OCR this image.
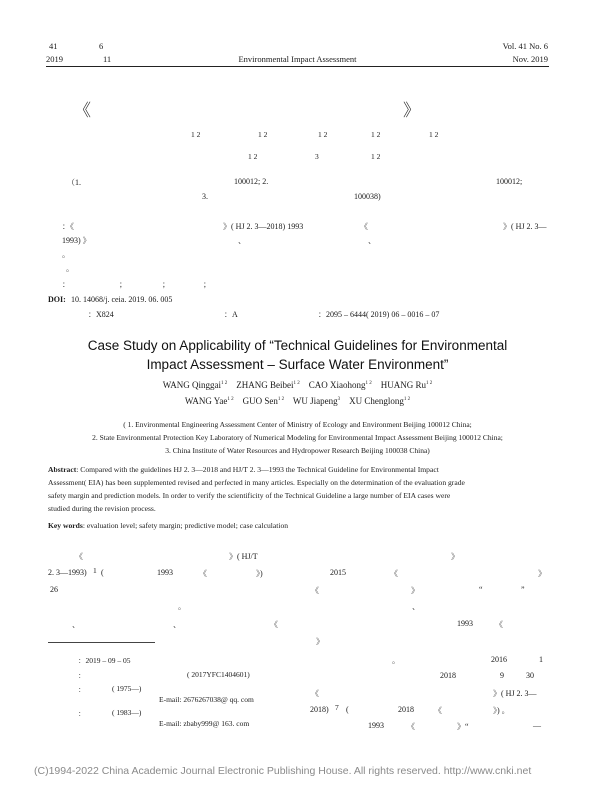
41	6
2019	11	Environmental Impact Assessment
Vol. 41 No. 6
Nov. 2019
《	》
1 2	1 2	1 2	1 2	1 2
1 2	3	1 2
（1.	100012; 2.	100012;
3.	100038)
：《	》( HJ 2. 3—2018) 1993	《	》( HJ 2. 3—
1993) 》	、	、
。
。
：	；	；	；
DOI: 10. 14068/j. ceia. 2019. 06. 005
：X824	：A	：2095 – 6444( 2019) 06 – 0016 – 07
Case Study on Applicability of “Technical Guidelines for Environmental
Impact Assessment – Surface Water Environment”
WANG Qinggai$^{1 2}$ ZHANG Beibei$^{1 2}$ CAO Xiaohong$^{1 2}$ HUANG $Ru^{1 2}$
WANG Yae$^{1 2}$ GUO Sen$^{1 2}$ WU Jiapeng$^3$ XU Chenglong$^{1 2}$
( 1. Environmental Engineering Assessment Center of Ministry of Ecology and Environment Beijing 100012 China;
2. State Environmental Protection Key Laboratory of Numerical Modeling for Environmental Impact Assessment Beijing 100012 China;
3. China Institute of Water Resources and Hydropower Research Beijing 100038 China)
Abstract: Compared with the guidelines HJ 2. 3—2018 and HJ/T 2. 3—1993 the Technical Guideline for Environmental Impact
Assessment( EIA) has been supplemented revised and perfected in many articles. Especially on the determination of the evaluation grade
safety margin and prediction models. In order to verify the scientificity of the Technical Guideline a large number of EIA cases were
studied during the revision process.
Key words: evaluation level; safety margin; predictive model; case calculation
《	》( HJ/T
2. 3—1993) 1 (	1993	《	》)	2015
26
。
、	、	《
》
《	》
《	》	“	”
、
1993	《
》
。	2016	1
2018	9	30
《	》( HJ 2. 3—
2018) 7 (	2018	《	》) 。
1993	《	》“	—
：2019 – 09 – 05
：	( 2017YFC1404601)
：	( 1975—)
E-mail: 2676267038@ qq. com
：	( 1983—)
E-mail: zbaby999@ 163. com
(C)1994-2022 China Academic Journal Electronic Publishing House. All rights reserved. http://www.cnki.net
